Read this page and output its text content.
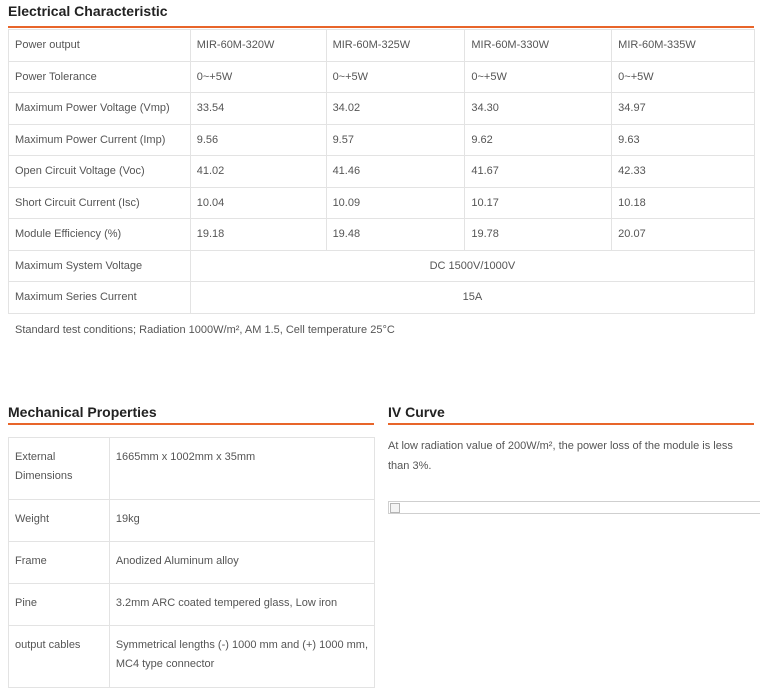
Electrical Characteristic
Power output	MIR-60M-320W	MIR-60M-325W	MIR-60M-330W	MIR-60M-335W
Power Tolerance	0~+5W	0~+5W	0~+5W	0~+5W
Maximum Power Voltage (Vmp)	33.54	34.02	34.30	34.97
Maximum Power Current (Imp)	9.56	9.57	9.62	9.63
Open Circuit Voltage (Voc)	41.02	41.46	41.67	42.33
Short Circuit Current (Isc)	10.04	10.09	10.17	10.18
Module Efficiency (%)	19.18	19.48	19.78	20.07
Maximum System Voltage	DC 1500V/1000V			
Maximum Series Current	15A			
Standard test conditions; Radiation 1000W/m², AM 1.5, Cell temperature 25°C
Mechanical Properties
External Dimensions	1665mm x 1002mm x 35mm
Weight	19kg
Frame	Anodized Aluminum alloy
Pine	3.2mm ARC coated tempered glass, Low iron
output cables	Symmetrical lengths (-) 1000 mm and (+) 1000 mm, MC4 type connector
IV Curve
At low radiation value of 200W/m², the power loss of the module is less than 3%.
